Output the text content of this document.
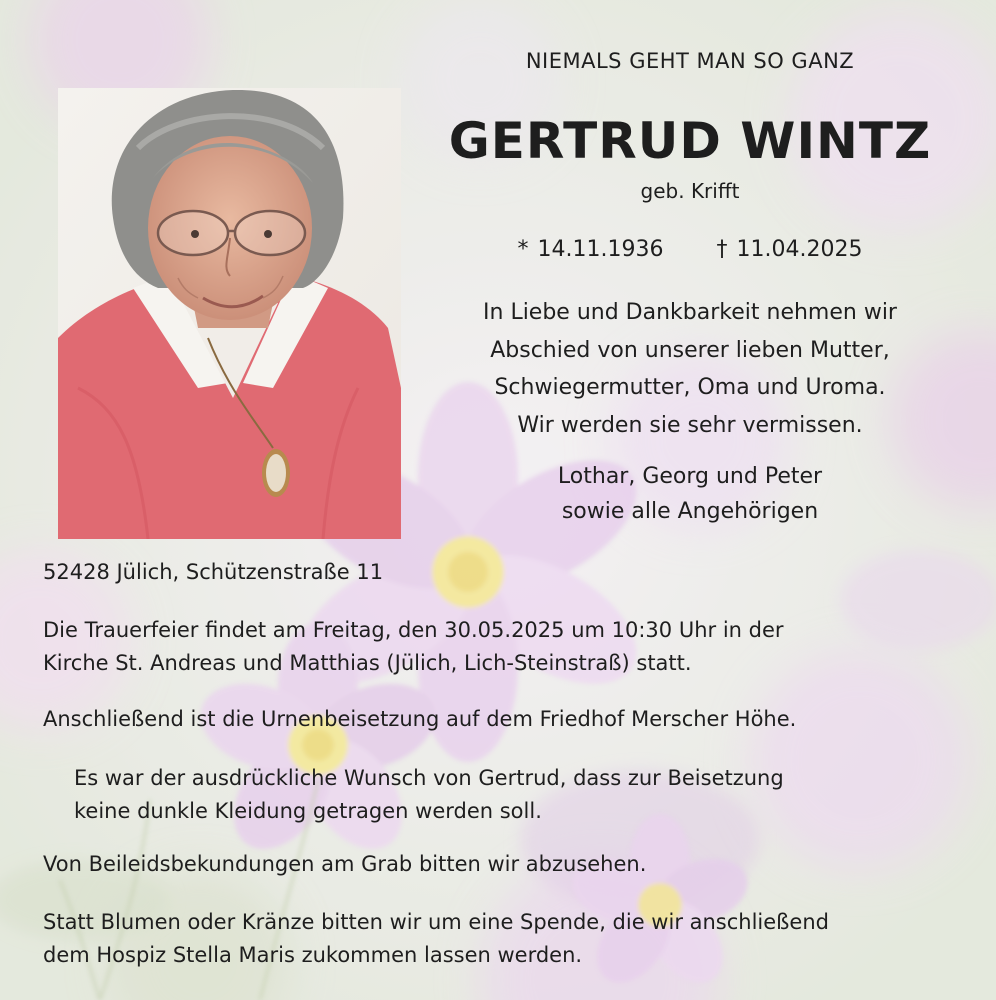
NIEMALS GEHT MAN SO GANZ
GERTRUD WINTZ
geb. Krifft
* 14.11.1936 † 11.04.2025
In Liebe und Dankbarkeit nehmen wir
Abschied von unserer lieben Mutter,
Schwiegermutter, Oma und Uroma.
Wir werden sie sehr vermissen.
Lothar, Georg und Peter
sowie alle Angehörigen
52428 Jülich, Schützenstraße 11
Die Trauerfeier findet am Freitag, den 30.05.2025 um 10:30 Uhr in der
Kirche St. Andreas und Matthias (Jülich, Lich-Steinstraß) statt.
Anschließend ist die Urnenbeisetzung auf dem Friedhof Merscher Höhe.
Es war der ausdrückliche Wunsch von Gertrud, dass zur Beisetzung
keine dunkle Kleidung getragen werden soll.
Von Beileidsbekundungen am Grab bitten wir abzusehen.
Statt Blumen oder Kränze bitten wir um eine Spende, die wir anschließend
dem Hospiz Stella Maris zukommen lassen werden.
